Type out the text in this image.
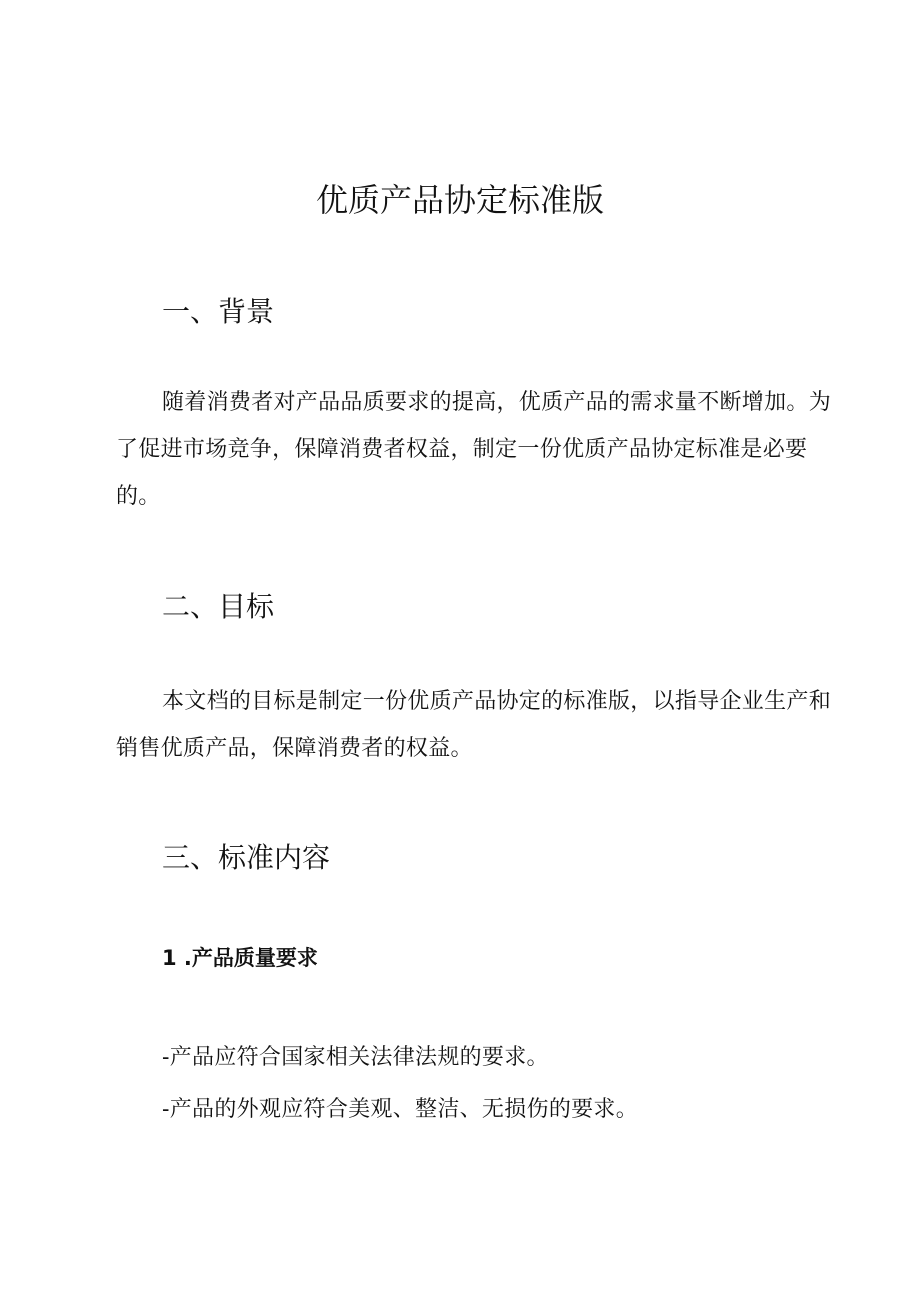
优质产品协定标准版
一、背景

随着消费者对产品品质要求的提高，优质产品的需求量不断增加。为了促进市场竞争，保障消费者权益，制定一份优质产品协定标准是必要的。

二、目标

本文档的目标是制定一份优质产品协定的标准版，以指导企业生产和销售优质产品，保障消费者的权益。

三、标准内容
1 .产品质量要求

-产品应符合国家相关法律法规的要求。

-产品的外观应符合美观、整洁、无损伤的要求。
